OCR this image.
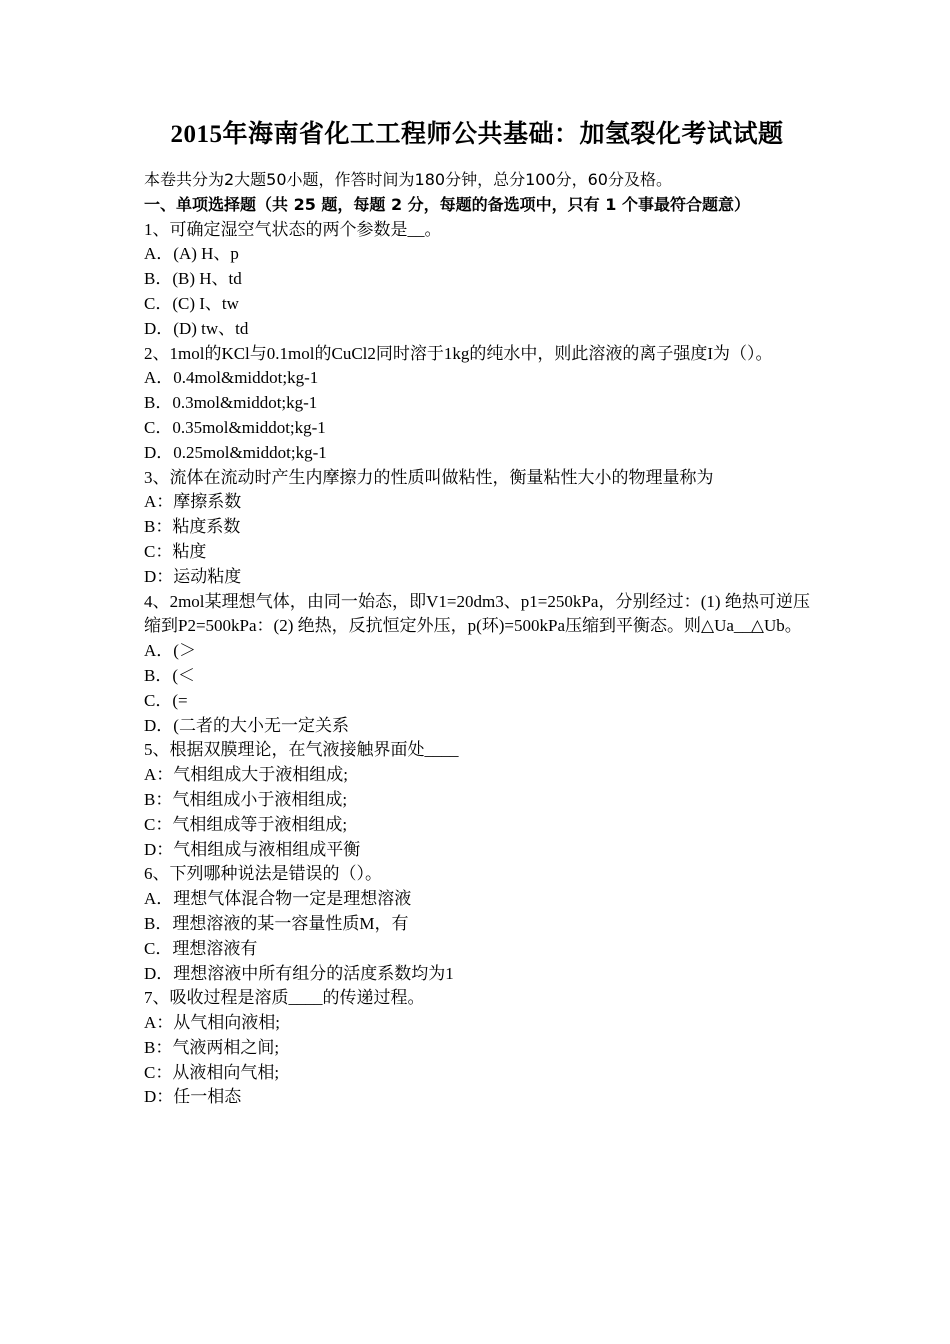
2015年海南省化工工程师公共基础：加氢裂化考试试题
本卷共分为2大题50小题，作答时间为180分钟，总分100分，60分及格。
一、单项选择题（共 25 题，每题 2 分，每题的备选项中，只有 1 个事最符合题意）
1、可确定湿空气状态的两个参数是__。
A．(A) H、p
B．(B) H、td
C．(C) I、tw
D．(D) tw、td
2、1mol的KCl与0.1mol的CuCl2同时溶于1kg的纯水中，则此溶液的离子强度I为（）。
A．0.4mol&middot;kg-1
B．0.3mol&middot;kg-1
C．0.35mol&middot;kg-1
D．0.25mol&middot;kg-1
3、流体在流动时产生内摩擦力的性质叫做粘性，衡量粘性大小的物理量称为
A：摩擦系数
B：粘度系数
C：粘度
D：运动粘度
4、2mol某理想气体，由同一始态，即V1=20dm3、p1=250kPa，分别经过：(1) 绝热可逆压缩到P2=500kPa：(2) 绝热，反抗恒定外压，p(环)=500kPa压缩到平衡态。则△Ua__△Ub。
A．(＞
B．(＜
C．(=
D．(二者的大小无一定关系
5、根据双膜理论，在气液接触界面处____
A：气相组成大于液相组成;
B：气相组成小于液相组成;
C：气相组成等于液相组成;
D：气相组成与液相组成平衡
6、下列哪种说法是错误的（）。
A．理想气体混合物一定是理想溶液
B．理想溶液的某一容量性质M，有
C．理想溶液有
D．理想溶液中所有组分的活度系数均为1
7、吸收过程是溶质____的传递过程。
A：从气相向液相;
B：气液两相之间;
C：从液相向气相;
D：任一相态
